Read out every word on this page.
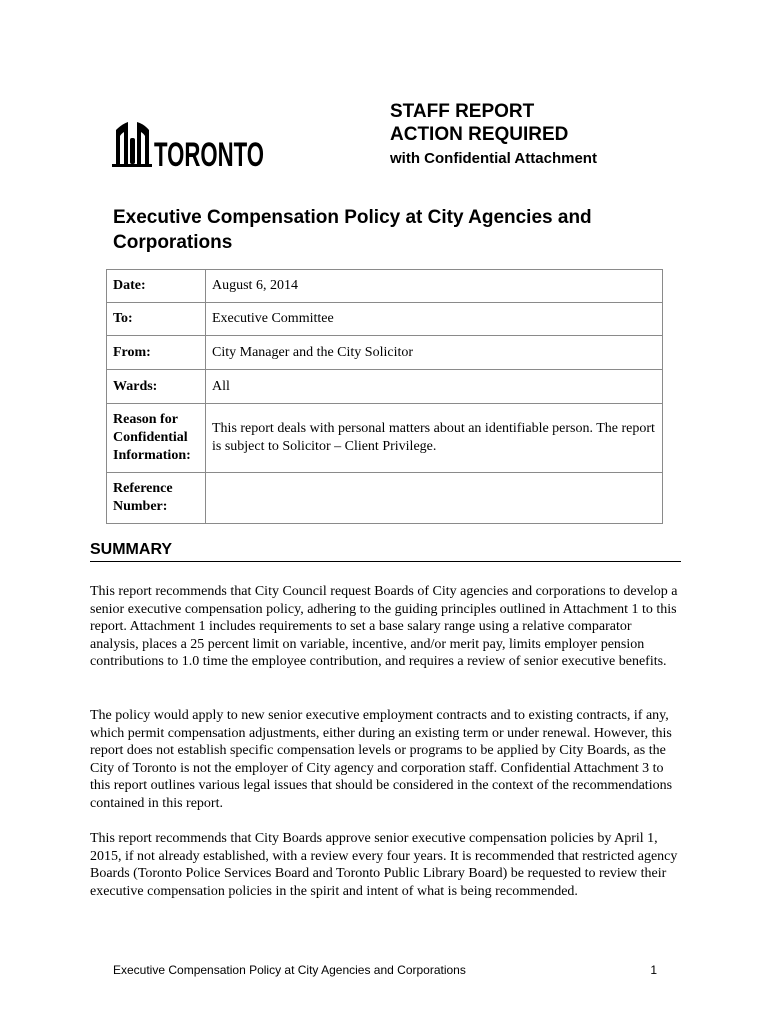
TORONTO
STAFF REPORT
ACTION REQUIRED
with Confidential Attachment
Executive Compensation Policy at City Agencies and Corporations
Date:	August 6, 2014
To:	Executive Committee
From:	City Manager and the City Solicitor
Wards:	All
Reason for Confidential Information:	This report deals with personal matters about an identifiable person. The report is subject to Solicitor – Client Privilege.
Reference Number:	
SUMMARY

This report recommends that City Council request Boards of City agencies and corporations to develop a senior executive compensation policy, adhering to the guiding principles outlined in Attachment 1 to this report. Attachment 1 includes requirements to set a base salary range using a relative comparator analysis, places a 25 percent limit on variable, incentive, and/or merit pay, limits employer pension contributions to 1.0 time the employee contribution, and requires a review of senior executive benefits.

The policy would apply to new senior executive employment contracts and to existing contracts, if any, which permit compensation adjustments, either during an existing term or under renewal. However, this report does not establish specific compensation levels or programs to be applied by City Boards, as the City of Toronto is not the employer of City agency and corporation staff. Confidential Attachment 3 to this report outlines various legal issues that should be considered in the context of the recommendations contained in this report.

This report recommends that City Boards approve senior executive compensation policies by April 1, 2015, if not already established, with a review every four years. It is recommended that restricted agency Boards (Toronto Police Services Board and Toronto Public Library Board) be requested to review their executive compensation policies in the spirit and intent of what is being recommended.

Executive Compensation Policy at City Agencies and Corporations	1
